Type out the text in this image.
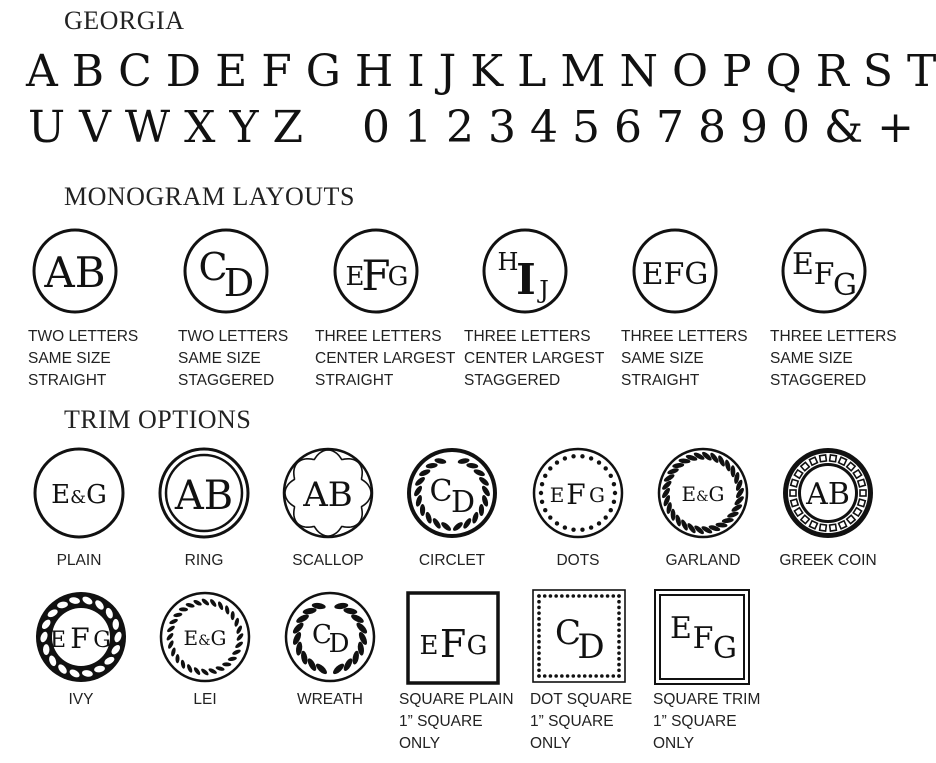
GEORGIA
MONOGRAM LAYOUTS
TRIM OPTIONS
A B C D E F G H I J K L M N O P Q R S T
U V W X Y Z 0 1 2 3 4 5 6 7 8 9 0 & +
AB C
D	E
F
G	H
I J	EFG	E F
G
TWO LETTERS
SAME SIZE
STRAIGHT
TWO LETTERS
SAME SIZE
STAGGERED
THREE LETTERS
CENTER LARGEST
STRAIGHT
THREE LETTERS
CENTER LARGEST
STAGGERED
THREE LETTERS
SAME SIZE
STRAIGHT
THREE LETTERS
SAME SIZE
STAGGERED
E&G AB AB	C
D	E F G	E&G	AB
PLAIN	RING	SCALLOP	CIRCLET	DOTS	GARLAND	GREEK COIN
E F G	E&G	C
D	E F G C
D E F G
IVY	LEI	WREATH	SQUARE PLAIN
1” SQUARE
ONLY
DOT SQUARE
1” SQUARE
ONLY
SQUARE TRIM
1” SQUARE
ONLY
